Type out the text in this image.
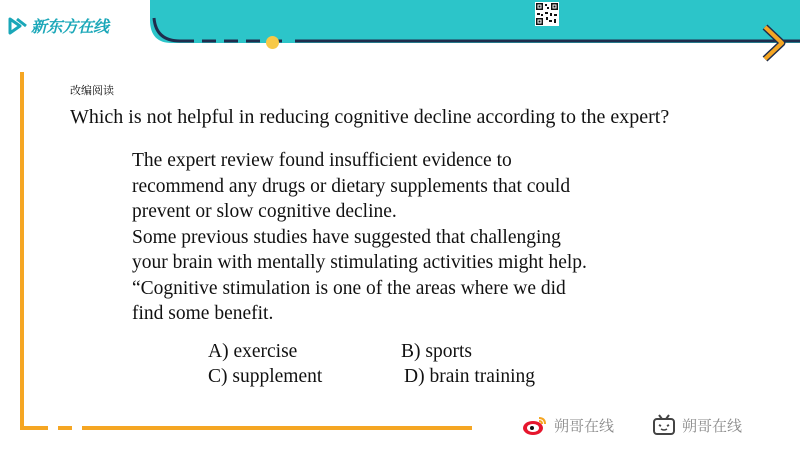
新东方在线
改编阅读
Which is not helpful in reducing cognitive decline according to the expert?
The expert review found insufficient evidence to
recommend any drugs or dietary supplements that could
prevent or slow cognitive decline.
Some previous studies have suggested that challenging
your brain with mentally stimulating activities might help.
“Cognitive stimulation is one of the areas where we did
find some benefit.
A) exercise	B) sports
C) supplement	D) brain training
朔哥在线	朔哥在线
